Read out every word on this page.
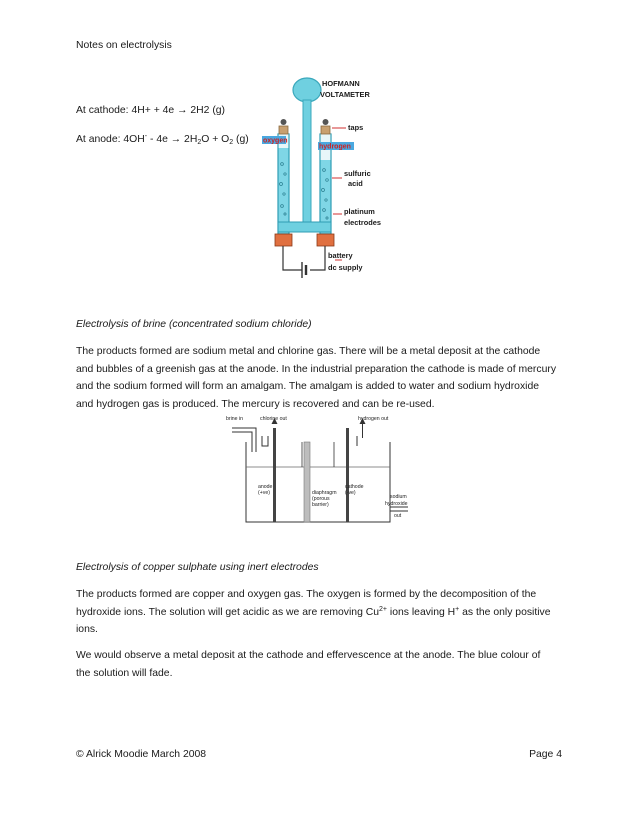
Notes on electrolysis
At cathode: 4H+ + 4e → 2H2 (g)
At anode: $4OH^- - 4e \to 2H_2O + O_2$ (g)
HOFMANN
VOLTAMETER
taps
sulfuric
acid
platinum
electrodes
battery
dc supply
oxygen
hydrogen
Electrolysis of brine (concentrated sodium chloride)
The products formed are sodium metal and chlorine gas. There will be a metal deposit at the cathode
and bubbles of a greenish gas at the anode. In the industrial preparation the cathode is made of mercury
and the sodium formed will form an amalgam. The amalgam is added to water and sodium hydroxide
and hydrogen gas is produced. The mercury is recovered and can be re-used.
brine in	chlorine out	hydrogen out
anode
(+ve)	diaphragm
(porous
barrier)
cathode
(-ve)
sodium
hydroxide
out
Electrolysis of copper sulphate using inert electrodes
The products formed are copper and oxygen gas. The oxygen is formed by the decomposition of the
hydroxide ions. The solution will get acidic as we are removing $Cu^{2+}$ ions leaving H+ as the only positive
ions.
We would observe a metal deposit at the cathode and effervescence at the anode. The blue colour of
the solution will fade.
© Alrick Moodie March 2008	Page 4
